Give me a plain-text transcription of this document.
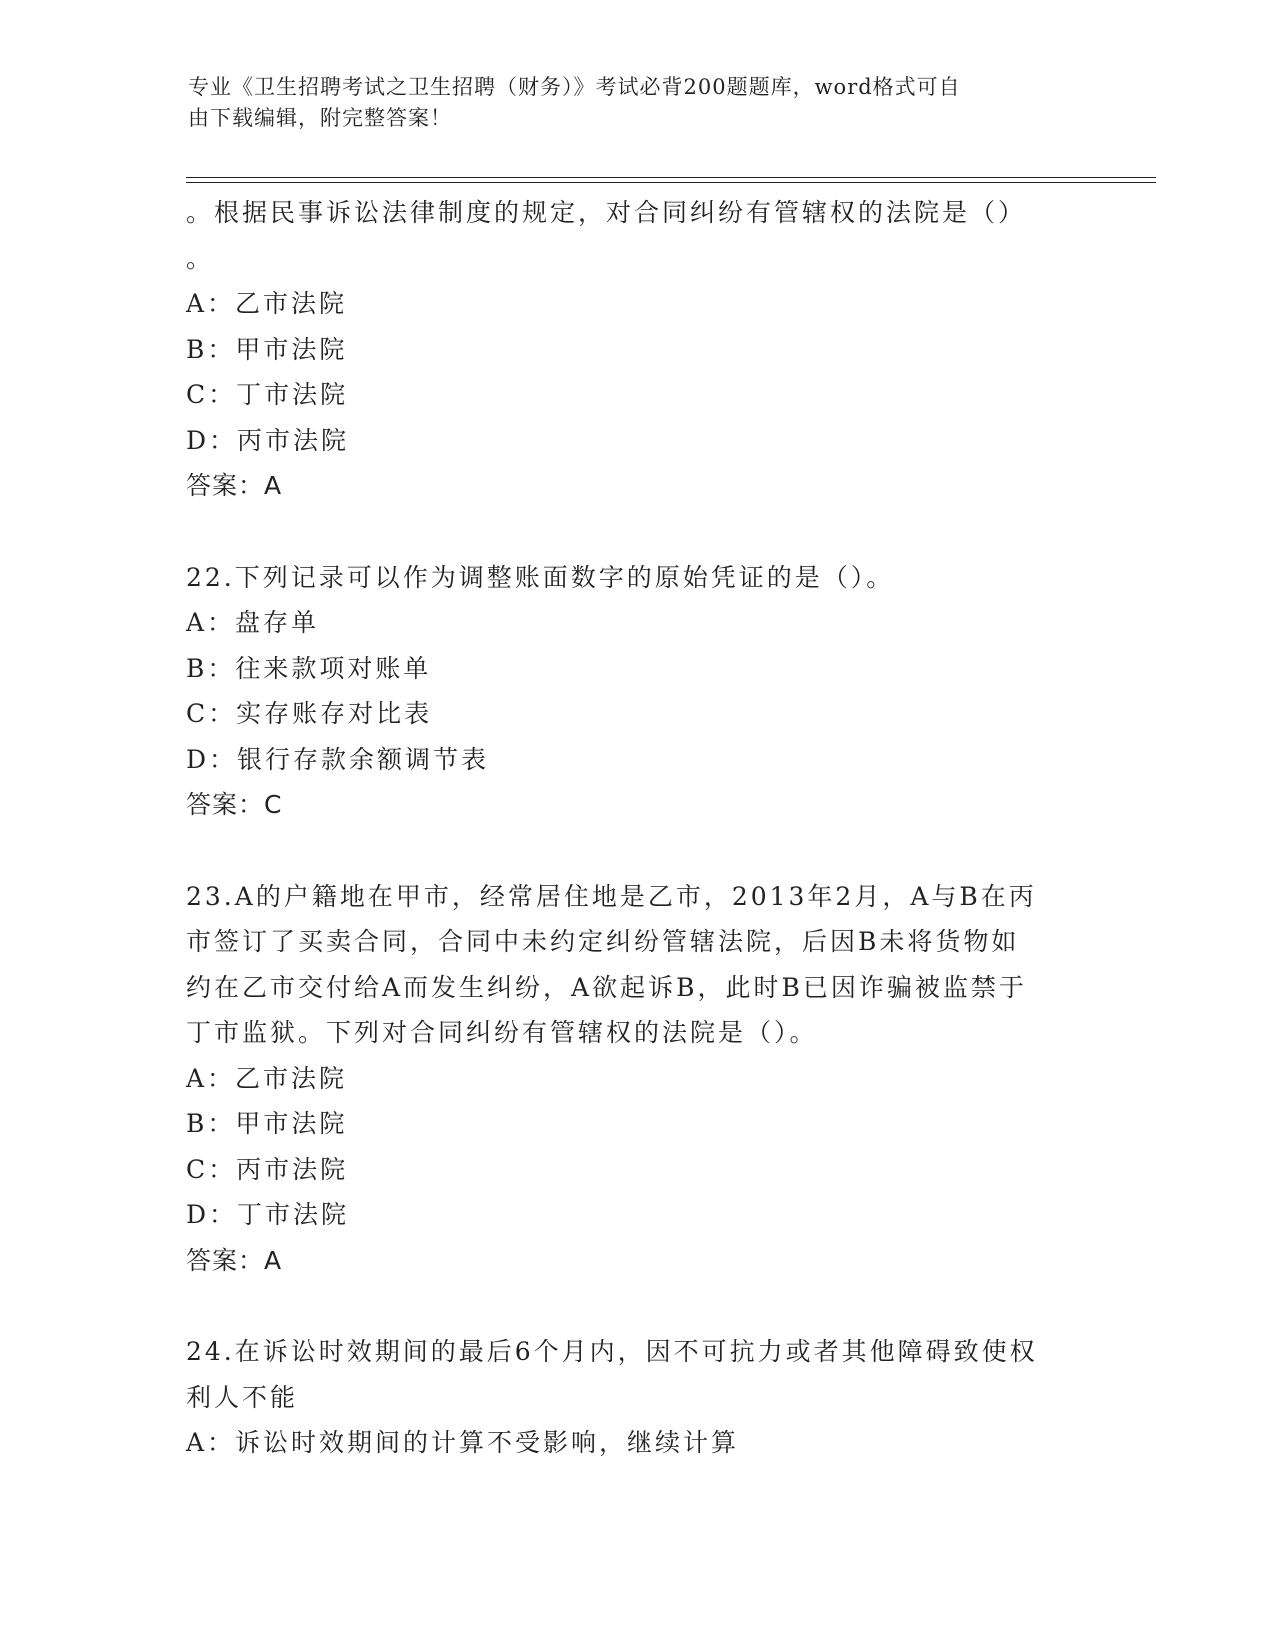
专业《卫生招聘考试之卫生招聘（财务）》考试必背200题题库，word格式可自
由下载编辑，附完整答案！
。根据民事诉讼法律制度的规定，对合同纠纷有管辖权的法院是（）
。
A：乙市法院
B：甲市法院
C：丁市法院
D：丙市法院
答案：A
22.下列记录可以作为调整账面数字的原始凭证的是（）。
A：盘存单
B：往来款项对账单
C：实存账存对比表
D：银行存款余额调节表
答案：C
23.A的户籍地在甲市，经常居住地是乙市，2013年2月，A与B在丙
市签订了买卖合同，合同中未约定纠纷管辖法院，后因B未将货物如
约在乙市交付给A而发生纠纷，A欲起诉B，此时B已因诈骗被监禁于
丁市监狱。下列对合同纠纷有管辖权的法院是（）。
A：乙市法院
B：甲市法院
C：丙市法院
D：丁市法院
答案：A
24.在诉讼时效期间的最后6个月内，因不可抗力或者其他障碍致使权
利人不能
A：诉讼时效期间的计算不受影响，继续计算
